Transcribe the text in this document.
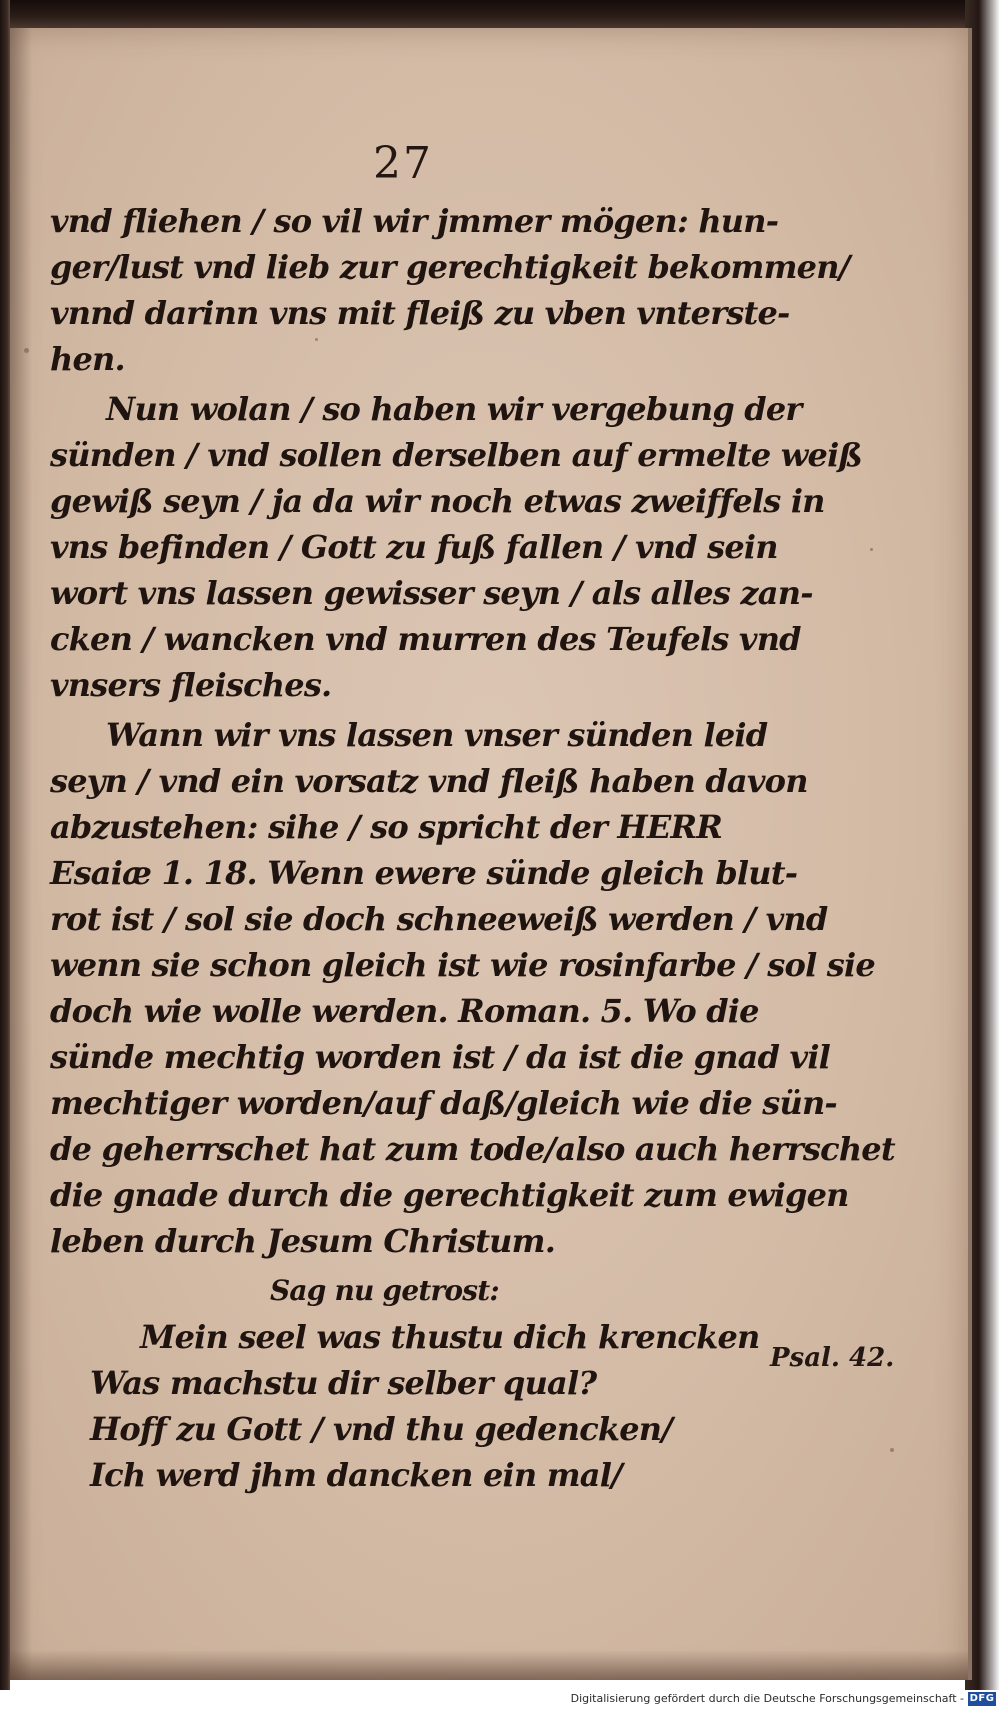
27
vnd fliehen / so vil wir jmmer mögen: hun-
ger/lust vnd lieb zur gerechtigkeit bekommen/
vnnd darinn vns mit fleiß zu vben vnterste-
hen.
Nun wolan / so haben wir vergebung der
sünden / vnd sollen derselben auf ermelte weiß
gewiß seyn / ja da wir noch etwas zweiffels in
vns befinden / Gott zu fuß fallen / vnd sein
wort vns lassen gewisser seyn / als alles zan-
cken / wancken vnd murren des Teufels vnd
vnsers fleisches.
Wann wir vns lassen vnser sünden leid
seyn / vnd ein vorsatz vnd fleiß haben davon
abzustehen: sihe / so spricht der HERR
Esaiæ 1. 18. Wenn ewere sünde gleich blut-
rot ist / sol sie doch schneeweiß werden / vnd
wenn sie schon gleich ist wie rosinfarbe / sol sie
doch wie wolle werden. Roman. 5. Wo die
sünde mechtig worden ist / da ist die gnad vil
mechtiger worden/auf daß/gleich wie die sün-
de geherrschet hat zum tode/also auch herrschet
die gnade durch die gerechtigkeit zum ewigen
leben durch Jesum Christum.
Sag nu getrost:
Mein seel was thustu dich krencken
Was machstu dir selber qual?
Hoff zu Gott / vnd thu gedencken/
Ich werd jhm dancken ein mal/
Psal. 42.
Digitalisierung gefördert durch die Deutsche Forschungsgemeinschaft - DFG
